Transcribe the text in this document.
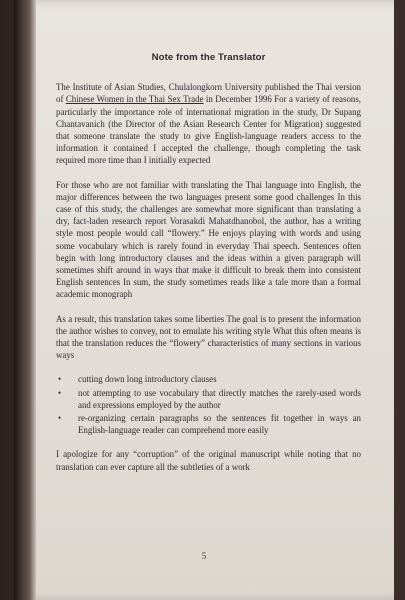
Note from the Translator

The Institute of Asian Studies, Chulalongkorn University published the Thai version of Chinese Women in the Thai Sex Trade in December 1996 For a variety of reasons, particularly the importance role of international migration in the study, Dr Supang Chantavanich (the Director of the Asian Research Center for Migration) suggested that someone translate the study to give English-language readers access to the information it contained I accepted the challenge, though completing the task required more time than I initially expected

For those who are not familiar with translating the Thai language into English, the major differences between the two languages present some good challenges In this case of this study, the challenges are somewhat more significant than translating a dry, fact-laden research report Vorasakdi Mahatdhanobol, the author, has a writing style most people would call “flowery.” He enjoys playing with words and using some vocabulary which is rarely found in everyday Thai speech. Sentences often begin with long introductory clauses and the ideas within a given paragraph will sometimes shift around in ways that make it difficult to break them into consistent English sentences In sum, the study sometimes reads like a tale more than a formal academic monograph

As a result, this translation takes some liberties The goal is to present the information the author wishes to convey, not to emulate his writing style What this often means is that the translation reduces the “flowery” characteristics of many sections in various ways

• cutting down long introductory clauses
• not attempting to use vocabulary that directly matches the rarely-used words and expressions employed by the author
• re-organizing certain paragraphs so the sentences fit together in ways an English-language reader can comprehend more easily

I apologize for any “corruption” of the original manuscript while noting that no translation can ever capture all the subtleties of a work

5
